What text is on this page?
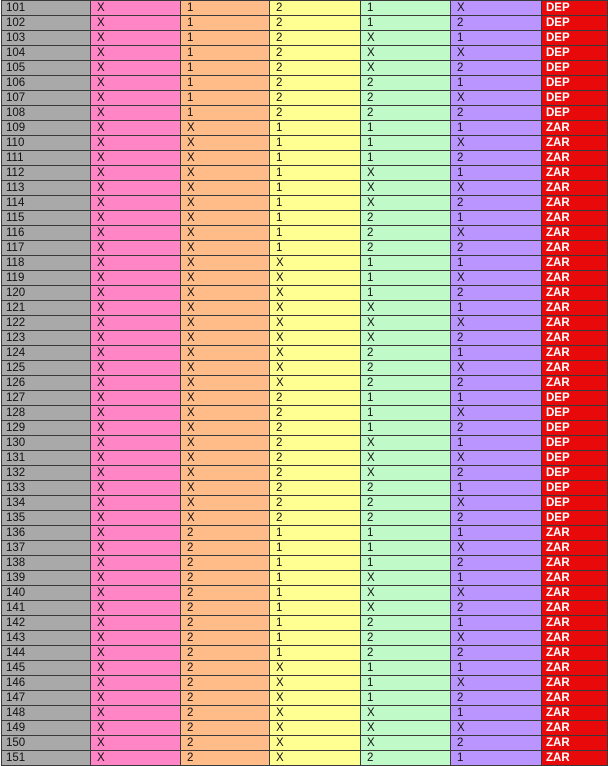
101	X	1	2	1	X	DEP
102	X	1	2	1	2	DEP
103	X	1	2	X	1	DEP
104	X	1	2	X	X	DEP
105	X	1	2	X	2	DEP
106	X	1	2	2	1	DEP
107	X	1	2	2	X	DEP
108	X	1	2	2	2	DEP
109	X	X	1	1	1	ZAR
110	X	X	1	1	X	ZAR
111	X	X	1	1	2	ZAR
112	X	X	1	X	1	ZAR
113	X	X	1	X	X	ZAR
114	X	X	1	X	2	ZAR
115	X	X	1	2	1	ZAR
116	X	X	1	2	X	ZAR
117	X	X	1	2	2	ZAR
118	X	X	X	1	1	ZAR
119	X	X	X	1	X	ZAR
120	X	X	X	1	2	ZAR
121	X	X	X	X	1	ZAR
122	X	X	X	X	X	ZAR
123	X	X	X	X	2	ZAR
124	X	X	X	2	1	ZAR
125	X	X	X	2	X	ZAR
126	X	X	X	2	2	ZAR
127	X	X	2	1	1	DEP
128	X	X	2	1	X	DEP
129	X	X	2	1	2	DEP
130	X	X	2	X	1	DEP
131	X	X	2	X	X	DEP
132	X	X	2	X	2	DEP
133	X	X	2	2	1	DEP
134	X	X	2	2	X	DEP
135	X	X	2	2	2	DEP
136	X	2	1	1	1	ZAR
137	X	2	1	1	X	ZAR
138	X	2	1	1	2	ZAR
139	X	2	1	X	1	ZAR
140	X	2	1	X	X	ZAR
141	X	2	1	X	2	ZAR
142	X	2	1	2	1	ZAR
143	X	2	1	2	X	ZAR
144	X	2	1	2	2	ZAR
145	X	2	X	1	1	ZAR
146	X	2	X	1	X	ZAR
147	X	2	X	1	2	ZAR
148	X	2	X	X	1	ZAR
149	X	2	X	X	X	ZAR
150	X	2	X	X	2	ZAR
151	X	2	X	2	1	ZAR
